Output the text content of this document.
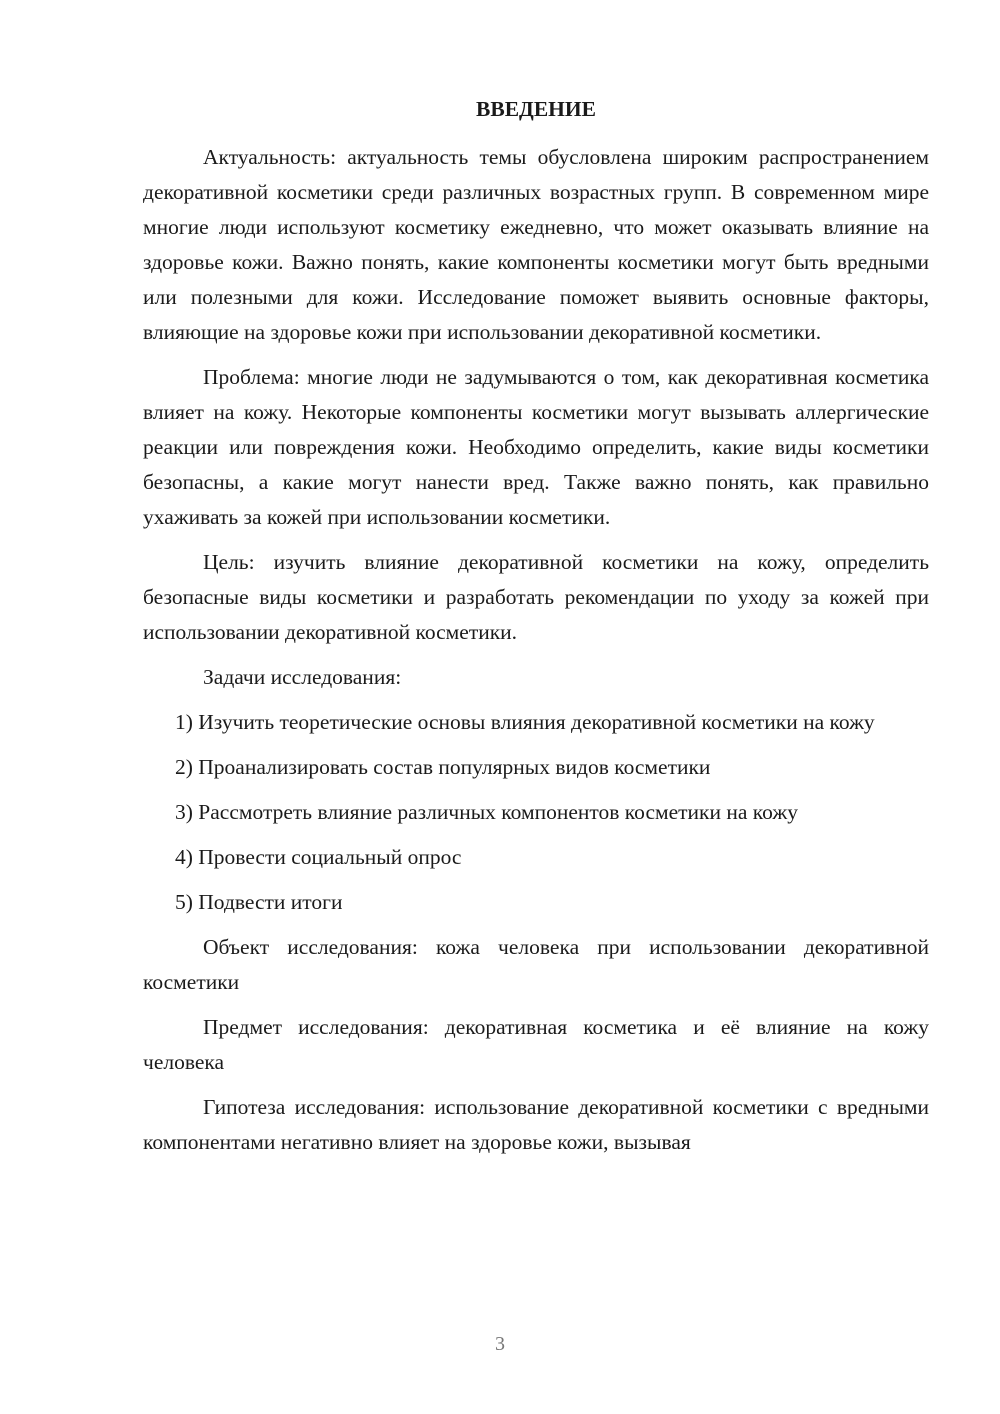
ВВЕДЕНИЕ

Актуальность: актуальность темы обусловлена широким распространением декоративной косметики среди различных возрастных групп. В современном мире многие люди используют косметику ежедневно, что может оказывать влияние на здоровье кожи. Важно понять, какие компоненты косметики могут быть вредными или полезными для кожи. Исследование поможет выявить основные факторы, влияющие на здоровье кожи при использовании декоративной косметики.

Проблема: многие люди не задумываются о том, как декоративная косметика влияет на кожу. Некоторые компоненты косметики могут вызывать аллергические реакции или повреждения кожи. Необходимо определить, какие виды косметики безопасны, а какие могут нанести вред. Также важно понять, как правильно ухаживать за кожей при использовании косметики.

Цель: изучить влияние декоративной косметики на кожу, определить безопасные виды косметики и разработать рекомендации по уходу за кожей при использовании декоративной косметики.

Задачи исследования:

1) Изучить теоретические основы влияния декоративной косметики на кожу

2) Проанализировать состав популярных видов косметики

3) Рассмотреть влияние различных компонентов косметики на кожу

4) Провести социальный опрос

5) Подвести итоги

Объект исследования: кожа человека при использовании декоративной косметики

Предмет исследования: декоративная косметика и её влияние на кожу человека

Гипотеза исследования: использование декоративной косметики с вредными компонентами негативно влияет на здоровье кожи, вызывая

3
